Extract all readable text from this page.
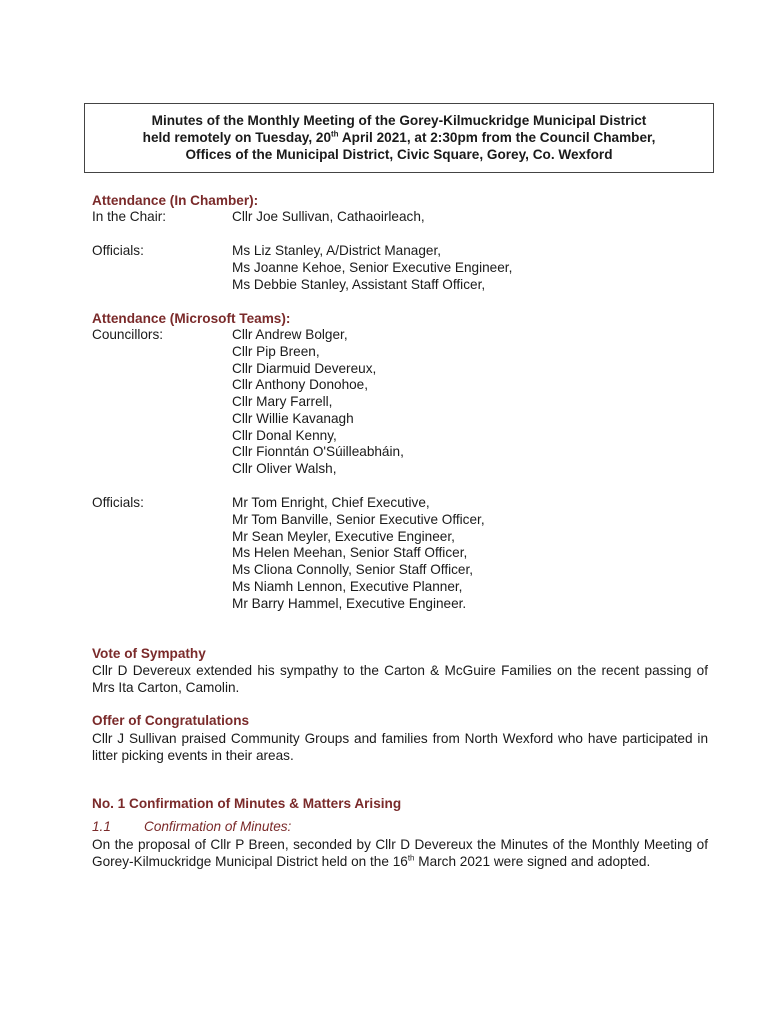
Minutes of the Monthly Meeting of the Gorey-Kilmuckridge Municipal District
held remotely on Tuesday, 20th April 2021, at 2:30pm from the Council Chamber,
Offices of the Municipal District, Civic Square, Gorey, Co. Wexford
Attendance (In Chamber):
In the Chair:	Cllr Joe Sullivan, Cathaoirleach,
Officials:	Ms Liz Stanley, A/District Manager,
Ms Joanne Kehoe, Senior Executive Engineer,
Ms Debbie Stanley, Assistant Staff Officer,
Attendance (Microsoft Teams):
Councillors:	Cllr Andrew Bolger,
Cllr Pip Breen,
Cllr Diarmuid Devereux,
Cllr Anthony Donohoe,
Cllr Mary Farrell,
Cllr Willie Kavanagh
Cllr Donal Kenny,
Cllr Fionntán O'Súilleabháin,
Cllr Oliver Walsh,
Officials:	Mr Tom Enright, Chief Executive,
Mr Tom Banville, Senior Executive Officer,
Mr Sean Meyler, Executive Engineer,
Ms Helen Meehan, Senior Staff Officer,
Ms Cliona Connolly, Senior Staff Officer,
Ms Niamh Lennon, Executive Planner,
Mr Barry Hammel, Executive Engineer.
Vote of Sympathy
Cllr D Devereux extended his sympathy to the Carton & McGuire Families on the recent passing of Mrs Ita Carton, Camolin.
Offer of Congratulations
Cllr J Sullivan praised Community Groups and families from North Wexford who have participated in litter picking events in their areas.
No. 1 Confirmation of Minutes & Matters Arising
1.1 Confirmation of Minutes:
On the proposal of Cllr P Breen, seconded by Cllr D Devereux the Minutes of the Monthly Meeting of Gorey-Kilmuckridge Municipal District held on the 16th March 2021 were signed and adopted.
